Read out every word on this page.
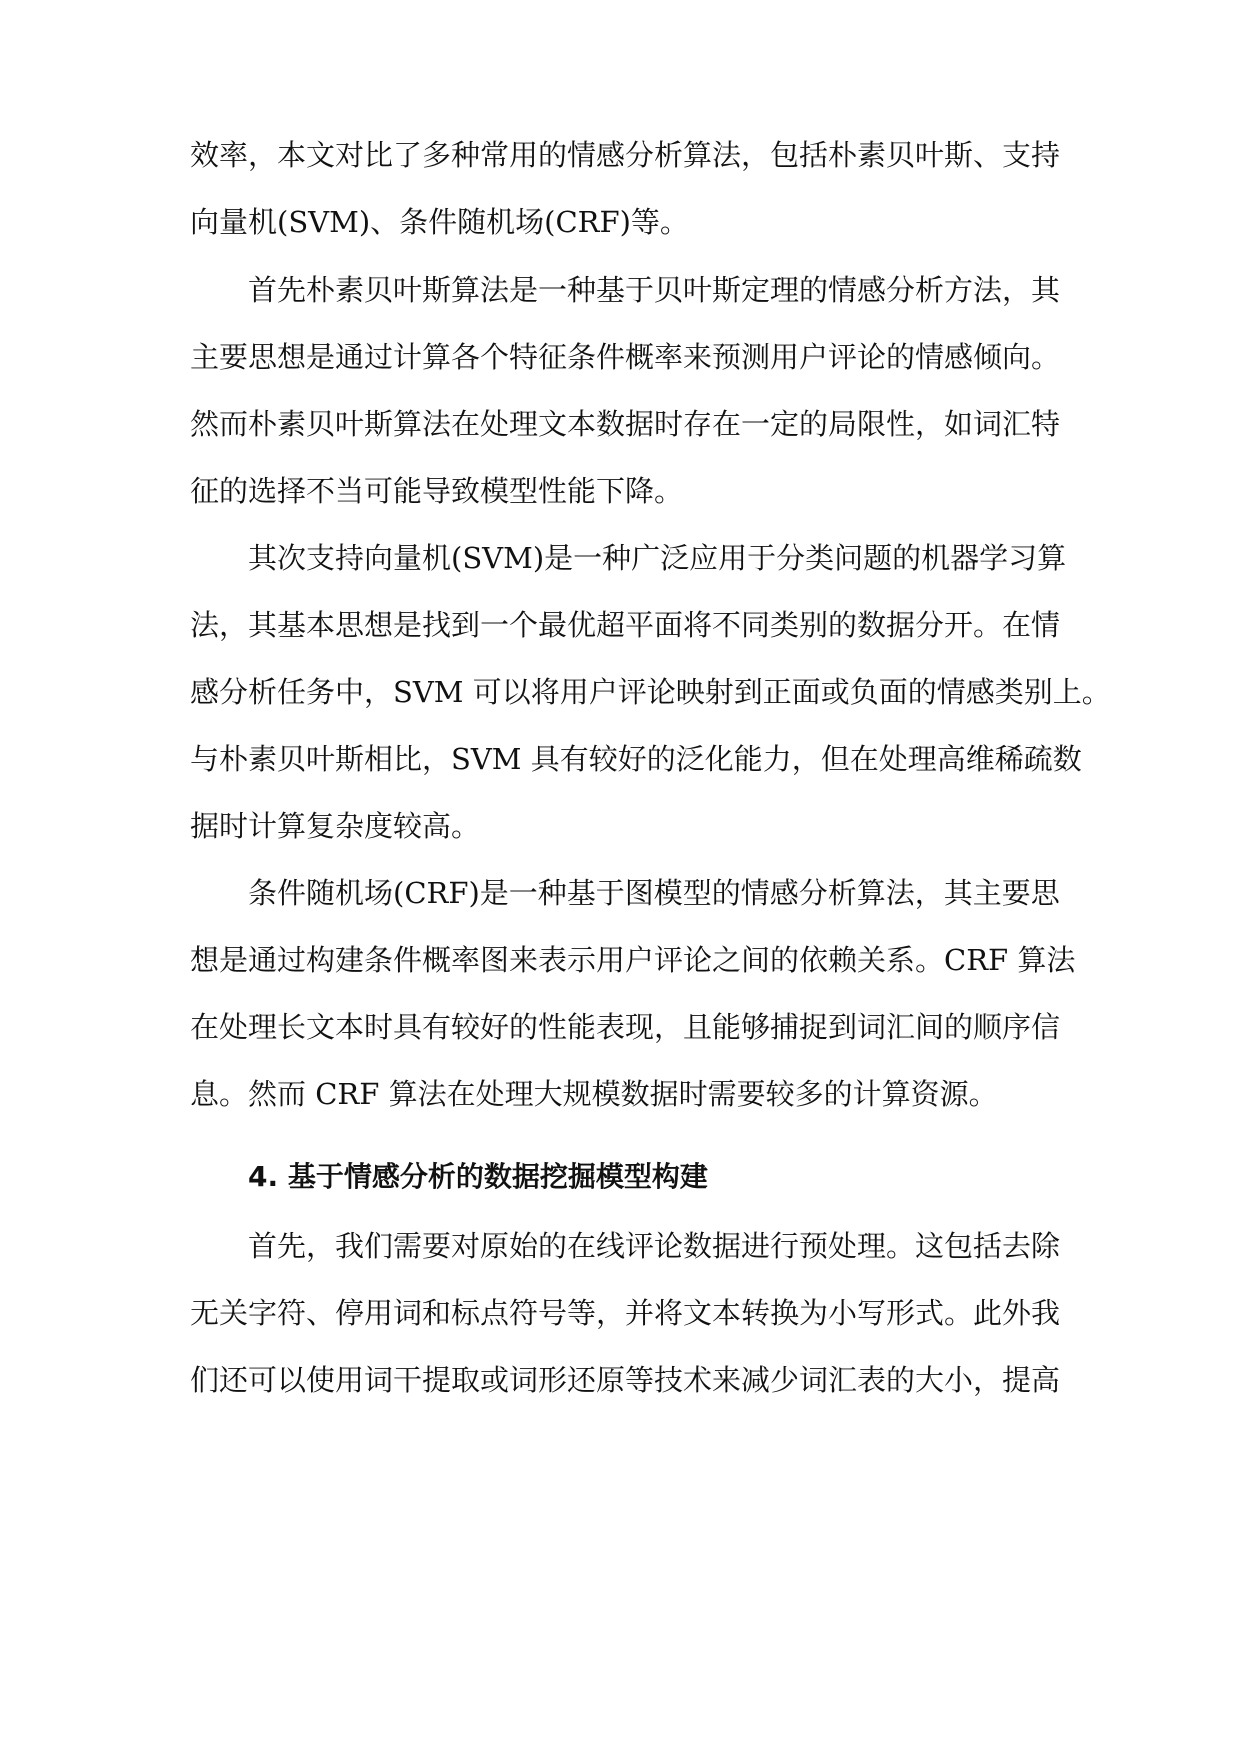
效率，本文对比了多种常用的情感分析算法，包括朴素贝叶斯、支持
向量机(SVM)、条件随机场(CRF)等。
首先朴素贝叶斯算法是一种基于贝叶斯定理的情感分析方法，其
主要思想是通过计算各个特征条件概率来预测用户评论的情感倾向。
然而朴素贝叶斯算法在处理文本数据时存在一定的局限性，如词汇特
征的选择不当可能导致模型性能下降。
其次支持向量机(SVM)是一种广泛应用于分类问题的机器学习算
法，其基本思想是找到一个最优超平面将不同类别的数据分开。在情
感分析任务中，SVM 可以将用户评论映射到正面或负面的情感类别上。
与朴素贝叶斯相比，SVM 具有较好的泛化能力，但在处理高维稀疏数
据时计算复杂度较高。
条件随机场(CRF)是一种基于图模型的情感分析算法，其主要思
想是通过构建条件概率图来表示用户评论之间的依赖关系。CRF 算法
在处理长文本时具有较好的性能表现，且能够捕捉到词汇间的顺序信
息。然而 CRF 算法在处理大规模数据时需要较多的计算资源。
4. 基于情感分析的数据挖掘模型构建
首先，我们需要对原始的在线评论数据进行预处理。这包括去除
无关字符、停用词和标点符号等，并将文本转换为小写形式。此外我
们还可以使用词干提取或词形还原等技术来减少词汇表的大小，提高
